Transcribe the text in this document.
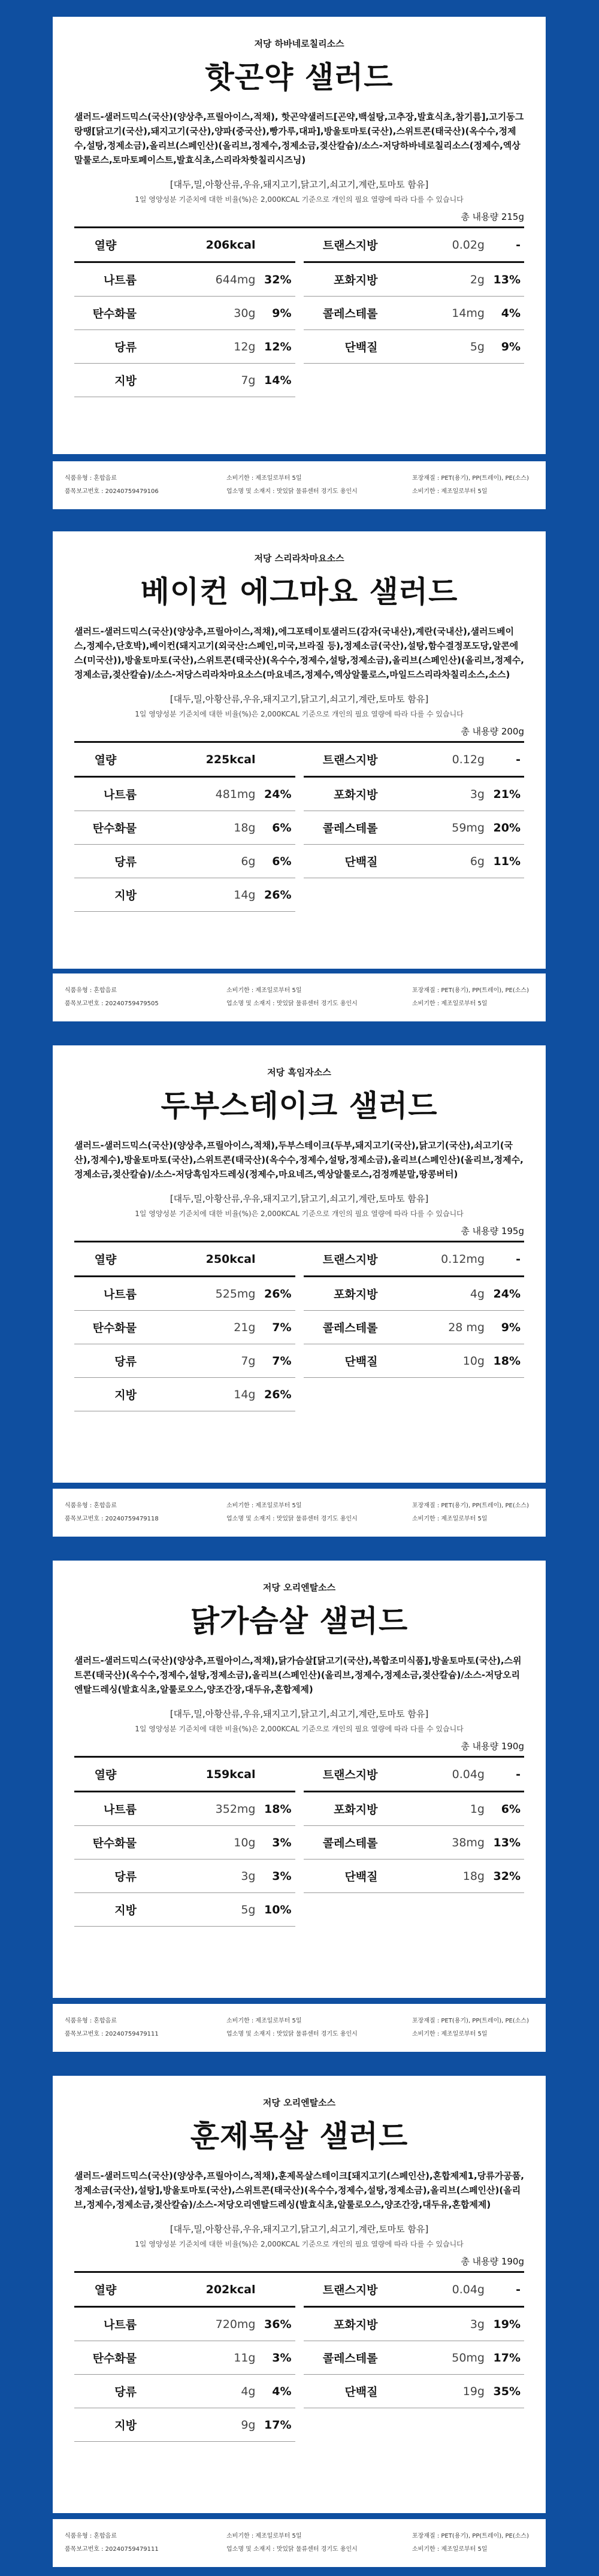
저당 하바네로칠리소스
핫곤약 샐러드
샐러드-샐러드믹스(국산)(양상추,프릴아이스,적채), 핫곤약샐러드[곤약,백설탕,고추장,발효식초,참기름],고기동그랑땡[닭고기(국산),돼지고기(국산),양파(중국산),빵가루,대파],방울토마토(국산),스위트콘(태국산)(옥수수,정제수,설탕,정제소금),올리브(스페인산)(올리브,정제수,정제소금,젖산칼슘)/소스-저당하바네로칠리소스(정제수,엑상말룰로스,토마토페이스트,발효식초,스리라차핫칠리시즈닝)
[대두,밀,아황산류,우유,돼지고기,닭고기,쇠고기,계란,토마토 함유]
1일 영양성분 기준치에 대한 비율(%)은 2,000KCAL 기준으로 개인의 필요 열량에 따라 다를 수 있습니다
총 내용량 215g
열량	206kcal
나트륨	644mg 32%
탄수화물	30g	9%
당류	12g 12%
지방	7g 14%
트랜스지방	0.02g	-
포화지방	2g 13%
콜레스테롤	14mg	4%
단백질	5g	9%
식품유형 : 혼합음료
품목보고번호 : 20240759479106
소비기한 : 제조일로부터 5일
업소명 및 소재지 : 맛있닭 물류센터 경기도 용인시
포장재질 : PET(용기), PP(트레이), PE(소스)
소비기한 : 제조일로부터 5일
저당 스리라차마요소스
베이컨 에그마요 샐러드
샐러드-샐러드믹스(국산)(양상추,프릴아이스,적채),에그포테이토샐러드(감자(국내산),계란(국내산),샐러드베이스,정제수,단호박),베이컨(돼지고기(외국산:스페인,미국,브라질 등),정제소금(국산),설탕,함수결정포도당,알콘에스(미국산)),방울토마토(국산),스위트콘(태국산)(옥수수,정제수,설탕,정제소금),올리브(스페인산)(올리브,정제수,정제소금,젖산칼슘)/소스-저당스리라차마요소스(마요네즈,정제수,엑상알룰로스,마일드스리라차칠리소스,소스)
[대두,밀,아황산류,우유,돼지고기,닭고기,쇠고기,계란,토마토 함유]
1일 영양성분 기준치에 대한 비율(%)은 2,000KCAL 기준으로 개인의 필요 열량에 따라 다를 수 있습니다
총 내용량 200g
열량	225kcal
나트륨	481mg 24%
탄수화물	18g	6%
당류	6g	6%
지방	14g 26%
트랜스지방	0.12g	-
포화지방	3g 21%
콜레스테롤	59mg 20%
단백질	6g 11%
식품유형 : 혼합음료
품목보고번호 : 20240759479505
소비기한 : 제조일로부터 5일
업소명 및 소재지 : 맛있닭 물류센터 경기도 용인시
포장재질 : PET(용기), PP(트레이), PE(소스)
소비기한 : 제조일로부터 5일
저당 흑임자소스
두부스테이크 샐러드
샐러드-샐러드믹스(국산)(양상추,프릴아이스,적채),두부스테이크(두부,돼지고기(국산),닭고기(국산),쇠고기(국산),정제수),방울토마토(국산),스위트콘(태국산)(옥수수,정제수,설탕,정제소금),올리브(스페인산)(올리브,정제수,정제소금,젖산칼슘)/소스-저당흑임자드레싱(정제수,마요네즈,엑상알룰로스,검정깨분말,땅콩버터)
[대두,밀,아황산류,우유,돼지고기,닭고기,쇠고기,계란,토마토 함유]
1일 영양성분 기준치에 대한 비율(%)은 2,000KCAL 기준으로 개인의 필요 열량에 따라 다를 수 있습니다
총 내용량 195g
열량	250kcal
나트륨	525mg 26%
탄수화물	21g	7%
당류	7g	7%
지방	14g 26%
트랜스지방	0.12mg	-
포화지방	4g 24%
콜레스테롤	28 mg	9%
단백질	10g 18%
식품유형 : 혼합음료
품목보고번호 : 20240759479118
소비기한 : 제조일로부터 5일
업소명 및 소재지 : 맛있닭 물류센터 경기도 용인시
포장재질 : PET(용기), PP(트레이), PE(소스)
소비기한 : 제조일로부터 5일
저당 오리엔탈소스
닭가슴살 샐러드
샐러드-샐러드믹스(국산)(양상추,프릴아이스,적채),닭가슴살[닭고기(국산),복합조미식품],방울토마토(국산),스위트콘(태국산)(옥수수,정제수,설탕,정제소금),올리브(스페인산)(올리브,정제수,정제소금,젖산칼슘)/소스-저당오리엔탈드레싱(발효식초,알룰로오스,양조간장,대두유,혼합제제)
[대두,밀,아황산류,우유,돼지고기,닭고기,쇠고기,계란,토마토 함유]
1일 영양성분 기준치에 대한 비율(%)은 2,000KCAL 기준으로 개인의 필요 열량에 따라 다를 수 있습니다
총 내용량 190g
열량	159kcal
나트륨	352mg 18%
탄수화물	10g	3%
당류	3g	3%
지방	5g 10%
트랜스지방	0.04g	-
포화지방	1g	6%
콜레스테롤	38mg 13%
단백질	18g 32%
식품유형 : 혼합음료
품목보고번호 : 20240759479111
소비기한 : 제조일로부터 5일
업소명 및 소재지 : 맛있닭 물류센터 경기도 용인시
포장재질 : PET(용기), PP(트레이), PE(소스)
소비기한 : 제조일로부터 5일
저당 오리엔탈소스
훈제목살 샐러드
샐러드-샐러드믹스(국산)(양상추,프릴아이스,적채),훈제목살스테이크[돼지고기(스페인산),혼합제제1,당류가공품,정제소금(국산),설탕],방울토마토(국산),스위트콘(태국산)(옥수수,정제수,설탕,정제소금),올리브(스페인산)(올리브,정제수,정제소금,젖산칼슘)/소스-저당오리엔탈드레싱(발효식초,알룰로오스,양조간장,대두유,혼합제제)
[대두,밀,아황산류,우유,돼지고기,닭고기,쇠고기,계란,토마토 함유]
1일 영양성분 기준치에 대한 비율(%)은 2,000KCAL 기준으로 개인의 필요 열량에 따라 다를 수 있습니다
총 내용량 190g
열량	202kcal
나트륨	720mg 36%
탄수화물	11g	3%
당류	4g	4%
지방	9g 17%
트랜스지방	0.04g	-
포화지방	3g 19%
콜레스테롤	50mg 17%
단백질	19g 35%
식품유형 : 혼합음료
품목보고번호 : 20240759479111
소비기한 : 제조일로부터 5일
업소명 및 소재지 : 맛있닭 물류센터 경기도 용인시
포장재질 : PET(용기), PP(트레이), PE(소스)
소비기한 : 제조일로부터 5일
